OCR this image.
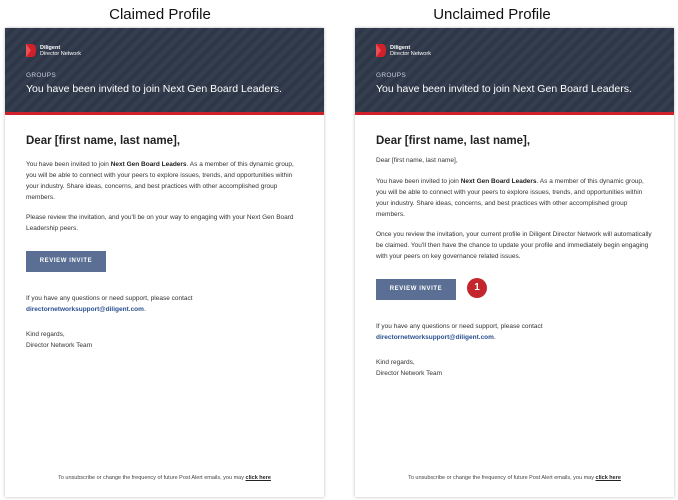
Claimed Profile
Diligent
Director Network
GROUPS
You have been invited to join Next Gen Board Leaders.

Dear [first name, last name],

You have been invited to join Next Gen Board Leaders. As a member of this dynamic group, you will be able to connect with your peers to explore issues, trends, and opportunities within your industry. Share ideas, concerns, and best practices with other accomplished group members.

Please review the invitation, and you'll be on your way to engaging with your Next Gen Board Leadership peers.

REVIEW INVITE

If you have any questions or need support, please contact
directornetworksupport@diligent.com.

Kind regards,

Director Network Team

To unsubscribe or change the frequency of future Post Alert emails, you may click here
Unclaimed Profile
Diligent
Director Network
GROUPS
You have been invited to join Next Gen Board Leaders.

Dear [first name, last name],

Dear [first name, last name],

You have been invited to join Next Gen Board Leaders. As a member of this dynamic group, you will be able to connect with your peers to explore issues, trends, and opportunities within your industry. Share ideas, concerns, and best practices with other accomplished group members.

Once you review the invitation, your current profile in Diligent Director Network will automatically be claimed. You'll then have the chance to update your profile and immediately begin engaging with your peers on key governance related issues.

REVIEW INVITE	1

If you have any questions or need support, please contact
directornetworksupport@diligent.com.

Kind regards,

Director Network Team

To unsubscribe or change the frequency of future Post Alert emails, you may click here
